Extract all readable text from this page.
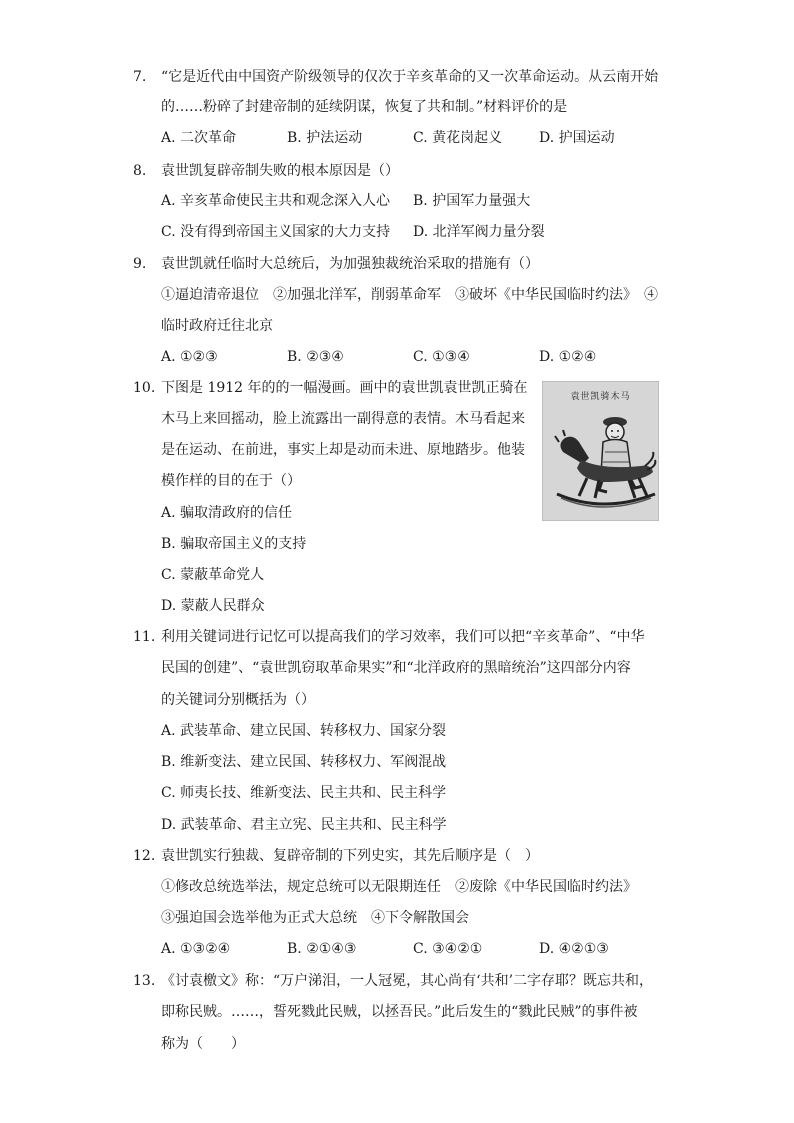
7. “它是近代由中国资产阶级领导的仅次于辛亥革命的又一次革命运动。从云南开始
的……粉碎了封建帝制的延续阴谋，恢复了共和制。”材料评价的是
A. 二次革命	B. 护法运动	C. 黄花岗起义	D. 护国运动
8. 袁世凯复辟帝制失败的根本原因是（）
A. 辛亥革命使民主共和观念深入人心 B. 护国军力量强大
C. 没有得到帝国主义国家的大力支持 D. 北洋军阀力量分裂
9. 袁世凯就任临时大总统后，为加强独裁统治采取的措施有（）
①逼迫清帝退位　②加强北洋军，削弱革命军　③破坏《中华民国临时约法》　④
临时政府迁往北京
A. ①②③	B. ②③④	C. ①③④	D. ①②④
10. 下图是 1912 年的的一幅漫画。画中的袁世凯袁世凯正骑在
木马上来回摇动，脸上流露出一副得意的表情。木马看起来
是在运动、在前进，事实上却是动而未进、原地踏步。他装
模作样的目的在于（）
A. 骗取清政府的信任
B. 骗取帝国主义的支持
C. 蒙蔽革命党人
D. 蒙蔽人民群众
袁世凯骑木马
11. 利用关键词进行记忆可以提高我们的学习效率，我们可以把“辛亥革命”、“中华
民国的创建”、“袁世凯窃取革命果实”和“北洋政府的黑暗统治”这四部分内容
的关键词分别概括为（）
A. 武装革命、建立民国、转移权力、国家分裂
B. 维新变法、建立民国、转移权力、军阀混战
C. 师夷长技、维新变法、民主共和、民主科学
D. 武装革命、君主立宪、民主共和、民主科学
12. 袁世凯实行独裁、复辟帝制的下列史实，其先后顺序是（　）
①修改总统选举法，规定总统可以无限期连任　②废除《中华民国临时约法》
③强迫国会选举他为正式大总统　④下令解散国会
A. ①③②④	B. ②①④③	C. ③④②①	D. ④②①③
13. 《讨袁檄文》称：“万户涕泪，一人冠冕，其心尚有‘共和’二字存耶？既忘共和，
即称民贼。……，誓死戮此民贼，以拯吾民。”此后发生的“戮此民贼”的事件被
称为（　　）
